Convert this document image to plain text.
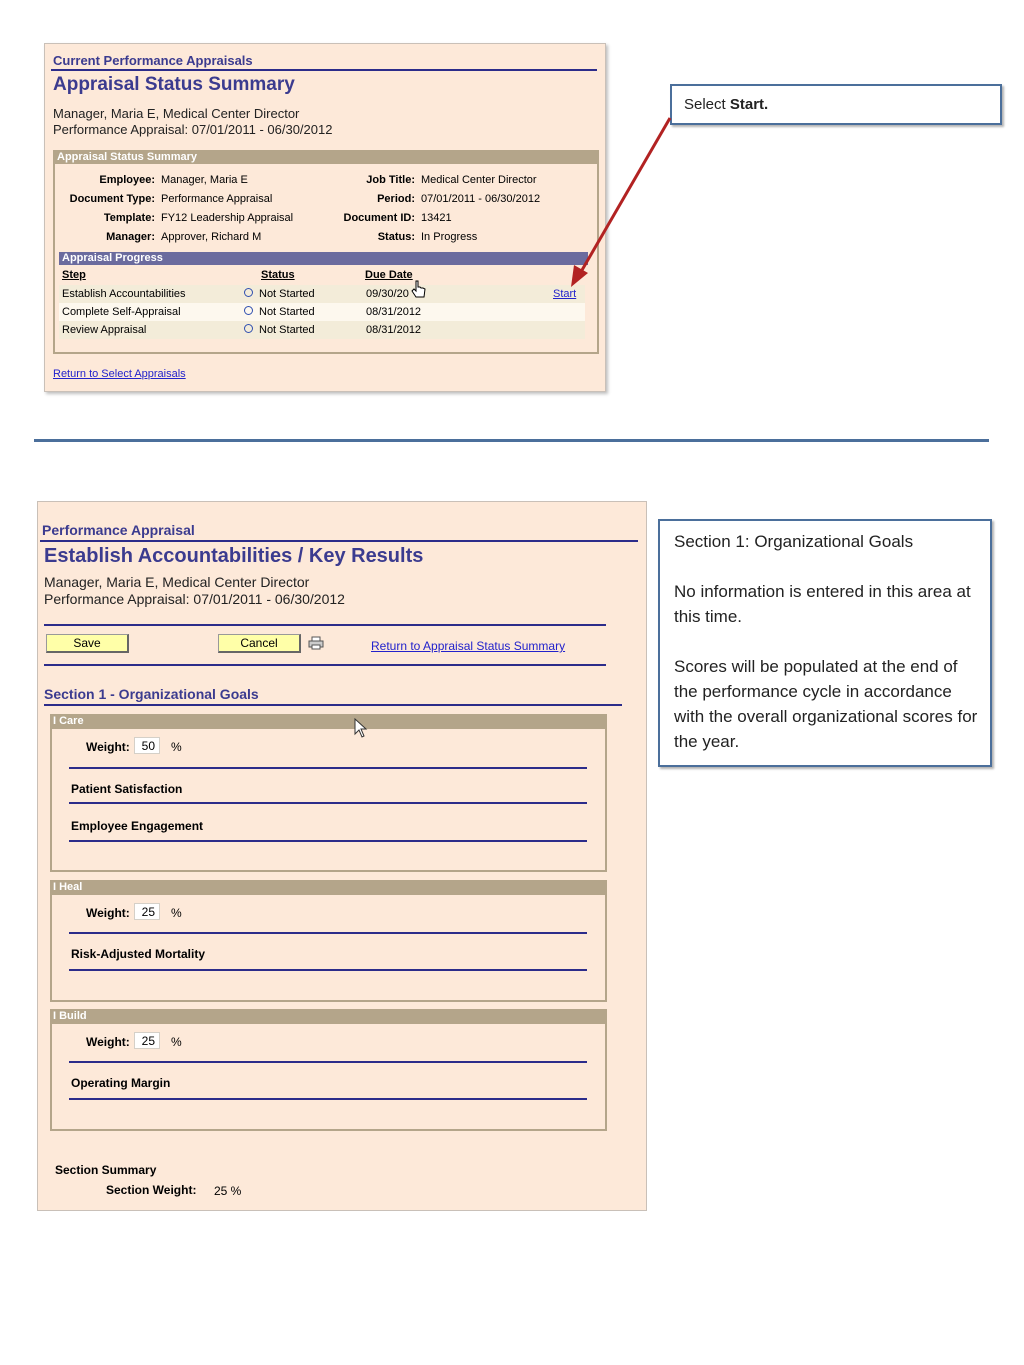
Current Performance Appraisals
Appraisal Status Summary
Manager, Maria E, Medical Center Director
Performance Appraisal: 07/01/2011 - 06/30/2012
Appraisal Status Summary
Employee: Manager, Maria E
Document Type: Performance Appraisal
Template: FY12 Leadership Appraisal
Manager: Approver, Richard M
Job Title: Medical Center Director
Period: 07/01/2011 - 06/30/2012
Document ID: 13421
Status: In Progress
Appraisal Progress
Step	Status	Due Date
Establish Accountabilities	Not Started	09/30/20	Start
Complete Self-Appraisal	Not Started	08/31/2012
Review Appraisal	Not Started	08/31/2012
Return to Select Appraisals
Select Start.
Performance Appraisal
Establish Accountabilities / Key Results
Manager, Maria E, Medical Center Director
Performance Appraisal: 07/01/2011 - 06/30/2012
Save	Cancel	Return to Appraisal Status Summary
Section 1 - Organizational Goals
I Care
Weight: 50	%
Patient Satisfaction
Employee Engagement
I Heal
Weight: 25	%
Risk-Adjusted Mortality
I Build
Weight: 25	%
Operating Margin
Section Summary
Section Weight: 25 %
Section 1: Organizational Goals
No information is entered in this area at this time.
Scores will be populated at the end of the performance cycle in accordance with the overall organizational scores for the year.
